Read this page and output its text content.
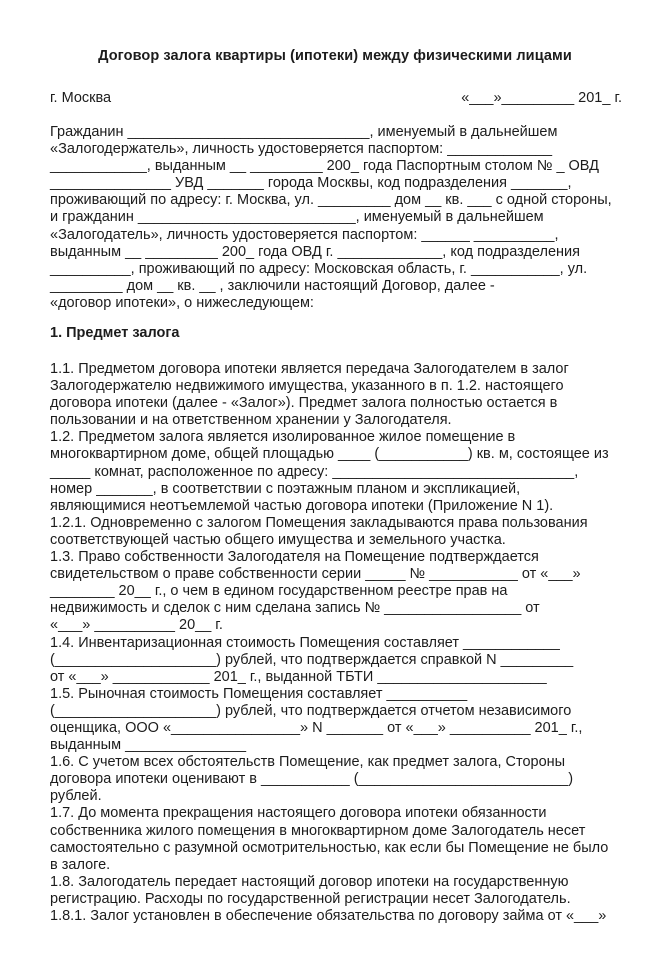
Договор залога квартиры (ипотеки) между физическими лицами
г. Москва	«___»_________ 201_ г.
Гражданин ______________________________, именуемый в дальнейшем
«Залогодержатель», личность удостоверяется паспортом: _____________
____________, выданным __ _________ 200_ года Паспортным столом № _ ОВД
_______________ УВД _______ города Москвы, код подразделения _______,
проживающий по адресу: г. Москва, ул. _________ дом __ кв. ___ с одной стороны,
и гражданин ___________________________, именуемый в дальнейшем
«Залогодатель», личность удостоверяется паспортом: ______ __________,
выданным __ _________ 200_ года ОВД г. _____________, код подразделения
__________, проживающий по адресу: Московская область, г. ___________, ул.
_________ дом __ кв. __ , заключили настоящий Договор, далее -
«договор ипотеки», о нижеследующем:
1. Предмет залога
1.1. Предметом договора ипотеки является передача Залогодателем в залог
Залогодержателю недвижимого имущества, указанного в п. 1.2. настоящего
договора ипотеки (далее - «Залог»). Предмет залога полностью остается в
пользовании и на ответственном хранении у Залогодателя.
1.2. Предметом залога является изолированное жилое помещение в
многоквартирном доме, общей площадью ____ (___________) кв. м, состоящее из
_____ комнат, расположенное по адресу: ______________________________,
номер _______, в соответствии с поэтажным планом и экспликацией,
являющимися неотъемлемой частью договора ипотеки (Приложение N 1).
1.2.1. Одновременно с залогом Помещения закладываются права пользования
соответствующей частью общего имущества и земельного участка.
1.3. Право собственности Залогодателя на Помещение подтверждается
свидетельством о праве собственности серии _____ № ___________ от «___»
________ 20__ г., о чем в едином государственном реестре прав на
недвижимость и сделок с ним сделана запись № _________________ от
«___» __________ 20__ г.
1.4. Инвентаризационная стоимость Помещения составляет ____________
(____________________) рублей, что подтверждается справкой N _________
от «___» ____________ 201_ г., выданной ТБТИ _____________________
1.5. Рыночная стоимость Помещения составляет __________
(____________________) рублей, что подтверждается отчетом независимого
оценщика, ООО «________________» N _______ от «___» __________ 201_ г.,
выданным _______________
1.6. С учетом всех обстоятельств Помещение, как предмет залога, Стороны
договора ипотеки оценивают в ___________ (__________________________)
рублей.
1.7. До момента прекращения настоящего договора ипотеки обязанности
собственника жилого помещения в многоквартирном доме Залогодатель несет
самостоятельно с разумной осмотрительностью, как если бы Помещение не было
в залоге.
1.8. Залогодатель передает настоящий договор ипотеки на государственную
регистрацию. Расходы по государственной регистрации несет Залогодатель.
1.8.1. Залог установлен в обеспечение обязательства по договору займа от «___»
